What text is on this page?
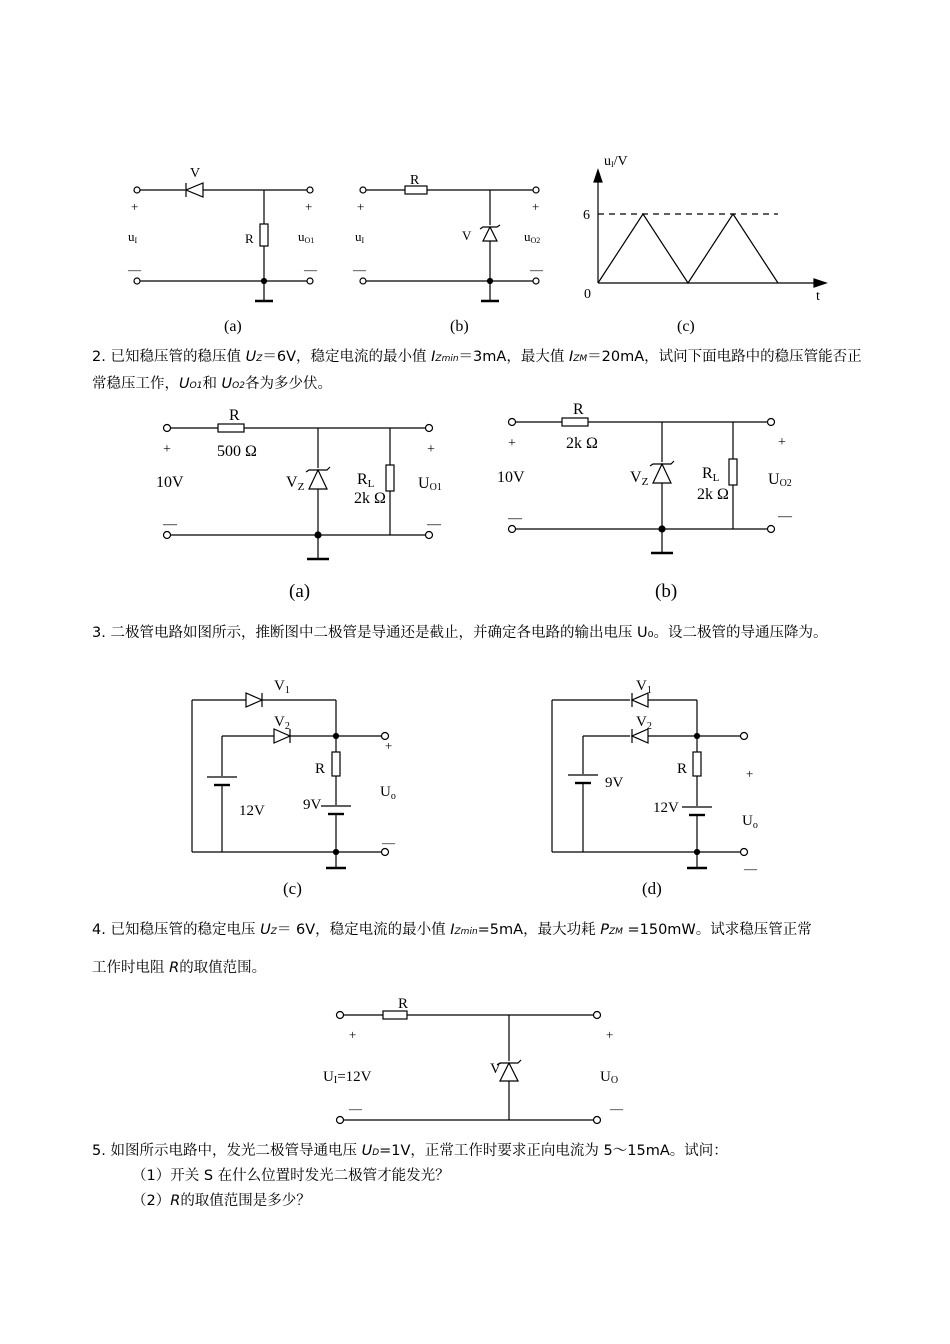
V
+	+
uI	R	uO1
—	—
(a)
R
+	+
uI	V	uO2
—	—
(b)
uI/V
6
0	t
(c)
R
500 Ω
+	+
10V	VZ	RL
2k Ω
UO1
—	—
(a)
R
2k Ω
+	+
10V	VZ	RL
2k Ω
UO2
—	—
(b)
$V_1$
$V_2$
+
R
$U_o$
9V
12V
—
(c)
$V_1$
$V_2$
R	+
9V
12V
$U_o$
—
(d)
R
+	+
UI=12V	V	UO
—	—
2. 已知稳压管的稳压值 UZ＝6V，稳定电流的最小值 IZmin＝3mA，最大值 IZM＝20mA，试问下面电路中的稳压管能否正常稳压工作，UO1和 UO2各为多少伏。
3. 二极管电路如图所示，推断图中二极管是导通还是截止，并确定各电路的输出电压 U₀。设二极管的导通压降为。
4. 已知稳压管的稳定电压 UZ＝ 6V，稳定电流的最小值 IZmin=5mA，最大功耗 PZM =150mW。试求稳压管正常
工作时电阻 R的取值范围。
5. 如图所示电路中，发光二极管导通电压 UD=1V，正常工作时要求正向电流为 5～15mA。试问：
（1）开关 S 在什么位置时发光二极管才能发光？
（2）R的取值范围是多少？
